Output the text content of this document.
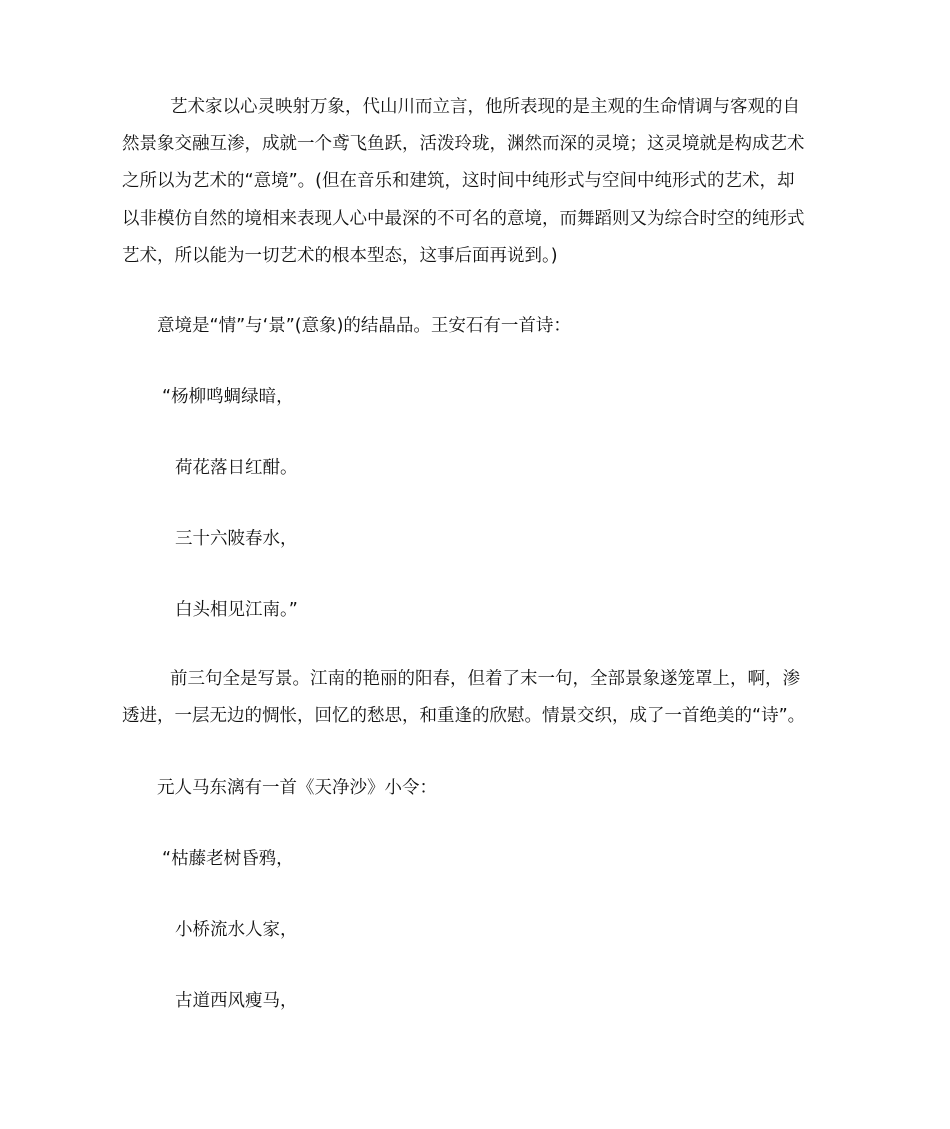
艺术家以心灵映射万象，代山川而立言，他所表现的是主观的生命情调与客观的自
然景象交融互渗，成就一个鸢飞鱼跃，活泼玲珑，渊然而深的灵境；这灵境就是构成艺术
之所以为艺术的“意境”。(但在音乐和建筑，这时间中纯形式与空间中纯形式的艺术，却
以非模仿自然的境相来表现人心中最深的不可名的意境，而舞蹈则又为综合时空的纯形式
艺术，所以能为一切艺术的根本型态，这事后面再说到。)
意境是“情”与‘景”(意象)的结晶品。王安石有一首诗：
“杨柳鸣蜩绿暗，
荷花落日红酣。
三十六陂春水，
白头相见江南。”
前三句全是写景。江南的艳丽的阳春，但着了末一句，全部景象遂笼罩上，啊，渗
透进，一层无边的惆怅，回忆的愁思，和重逢的欣慰。情景交织，成了一首绝美的“诗”。
元人马东漓有一首《天净沙》小令：
“枯藤老树昏鸦，
小桥流水人家，
古道西风瘦马，
